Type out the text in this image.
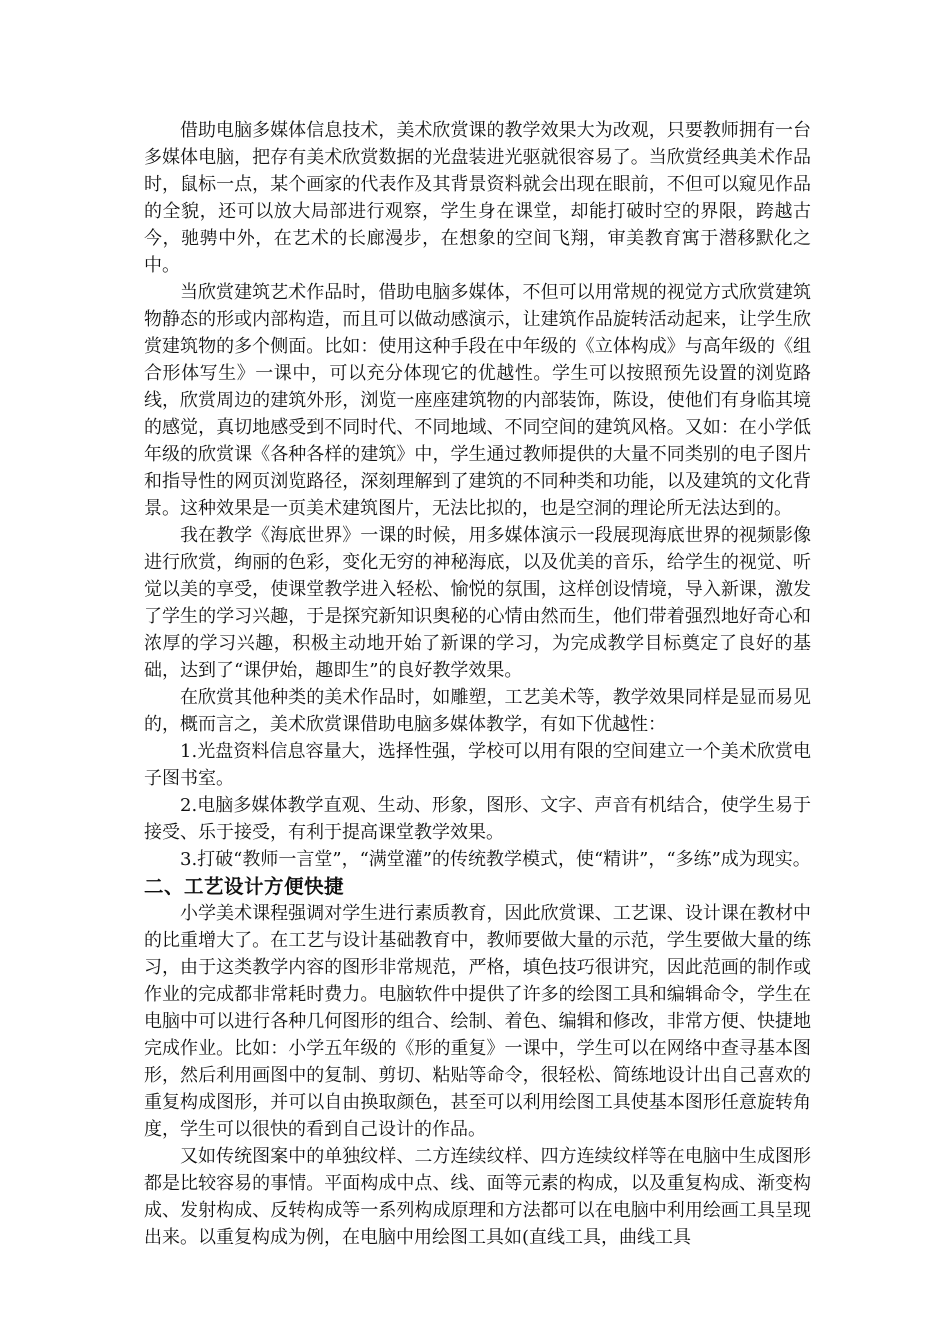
借助电脑多媒体信息技术，美术欣赏课的教学效果大为改观，只要教师拥有一台多媒体电脑，把存有美术欣赏数据的光盘装进光驱就很容易了。当欣赏经典美术作品时，鼠标一点，某个画家的代表作及其背景资料就会出现在眼前，不但可以窥见作品的全貌，还可以放大局部进行观察，学生身在课堂，却能打破时空的界限，跨越古今，驰骋中外，在艺术的长廊漫步，在想象的空间飞翔，审美教育寓于潜移默化之中。

当欣赏建筑艺术作品时，借助电脑多媒体，不但可以用常规的视觉方式欣赏建筑物静态的形或内部构造，而且可以做动感演示，让建筑作品旋转活动起来，让学生欣赏建筑物的多个侧面。比如：使用这种手段在中年级的《立体构成》与高年级的《组合形体写生》一课中，可以充分体现它的优越性。学生可以按照预先设置的浏览路线，欣赏周边的建筑外形，浏览一座座建筑物的内部装饰，陈设，使他们有身临其境的感觉，真切地感受到不同时代、不同地域、不同空间的建筑风格。又如：在小学低年级的欣赏课《各种各样的建筑》中，学生通过教师提供的大量不同类别的电子图片和指导性的网页浏览路径，深刻理解到了建筑的不同种类和功能，以及建筑的文化背景。这种效果是一页美术建筑图片，无法比拟的，也是空洞的理论所无法达到的。

我在教学《海底世界》一课的时候，用多媒体演示一段展现海底世界的视频影像进行欣赏，绚丽的色彩，变化无穷的神秘海底，以及优美的音乐，给学生的视觉、听觉以美的享受，使课堂教学进入轻松、愉悦的氛围，这样创设情境，导入新课，激发了学生的学习兴趣，于是探究新知识奥秘的心情由然而生，他们带着强烈地好奇心和浓厚的学习兴趣，积极主动地开始了新课的学习，为完成教学目标奠定了良好的基础，达到了“课伊始，趣即生”的良好教学效果。

在欣赏其他种类的美术作品时，如雕塑，工艺美术等，教学效果同样是显而易见的，概而言之，美术欣赏课借助电脑多媒体教学，有如下优越性：

1.光盘资料信息容量大，选择性强，学校可以用有限的空间建立一个美术欣赏电子图书室。

2.电脑多媒体教学直观、生动、形象，图形、文字、声音有机结合，使学生易于接受、乐于接受，有利于提高课堂教学效果。

3.打破“教师一言堂”，“满堂灌”的传统教学模式，使“精讲”，“多练”成为现实。

二、工艺设计方便快捷

小学美术课程强调对学生进行素质教育，因此欣赏课、工艺课、设计课在教材中的比重增大了。在工艺与设计基础教育中，教师要做大量的示范，学生要做大量的练习，由于这类教学内容的图形非常规范，严格，填色技巧很讲究，因此范画的制作或作业的完成都非常耗时费力。电脑软件中提供了许多的绘图工具和编辑命令，学生在电脑中可以进行各种几何图形的组合、绘制、着色、编辑和修改，非常方便、快捷地完成作业。比如：小学五年级的《形的重复》一课中，学生可以在网络中查寻基本图形，然后利用画图中的复制、剪切、粘贴等命令，很轻松、简练地设计出自己喜欢的重复构成图形，并可以自由换取颜色，甚至可以利用绘图工具使基本图形任意旋转角度，学生可以很快的看到自己设计的作品。

又如传统图案中的单独纹样、二方连续纹样、四方连续纹样等在电脑中生成图形都是比较容易的事情。平面构成中点、线、面等元素的构成，以及重复构成、渐变构成、发射构成、反转构成等一系列构成原理和方法都可以在电脑中利用绘画工具呈现出来。以重复构成为例，在电脑中用绘图工具如(直线工具，曲线工具
